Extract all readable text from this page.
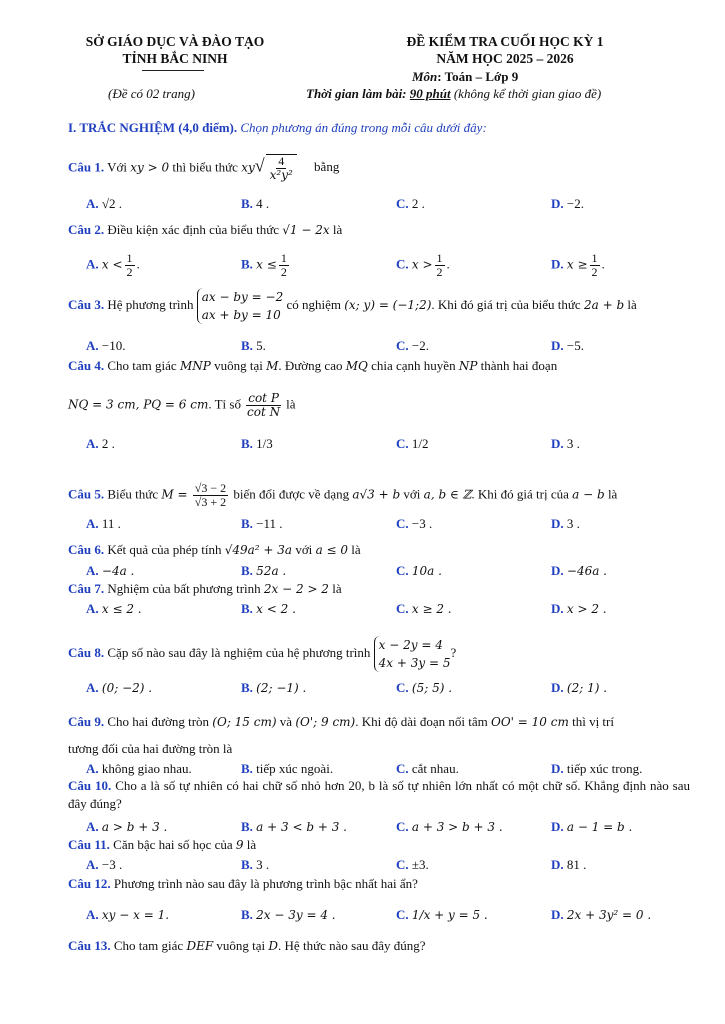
SỞ GIÁO DỤC VÀ ĐÀO TẠO
TỈNH BẮC NINH
(Đề có 02 trang)
ĐỀ KIỂM TRA CUỐI HỌC KỲ 1
NĂM HỌC 2025 – 2026
Môn: Toán – Lớp 9
Thời gian làm bài: 90 phút (không kể thời gian giao đề)
I. TRẮC NGHIỆM (4,0 điểm). Chọn phương án đúng trong mỗi câu dưới đây:
Câu 1. Với xy > 0 thì biểu thức $xy√ \frac{4}{\text{x²y²}}$ bằng
A. √2 .	B. 4 .	C. 2 .	D. −2.
Câu 2. Điều kiện xác định của biểu thức √1 − 2x là
A. $x < \frac{1}{2}$ .	B. $x \le \frac{1}{2}$	C. $x > \frac{1}{2}$ .	D. $x \ge \frac{1}{2}$ .
Câu 3. Hệ phương trình ax − by = −2
ax + by = 10
có nghiệm (x; y) = (−1;2). Khi đó giá trị của biểu thức 2a + b là
A. −10.	B. 5.	C. −2.	D. −5.
Câu 4. Cho tam giác MNP vuông tại M. Đường cao MQ chia cạnh huyền NP thành hai đoạn
NQ = 3 cm, PQ = 6 cm. Tỉ số $\frac{\text{cot P}}{\text{cot N}}$ là
A. 2 .	B. 1/3	C. 1/2	D. 3 .
Câu 5. Biểu thức $M = \frac{√3 - 2}{√3 + 2}$ biến đổi được về dạng a√3 + b với a, b ∈ ℤ. Khi đó giá trị của a − b là
A. 11 .	B. −11 .	C. −3 .	D. 3 .
Câu 6. Kết quả của phép tính √49a² + 3a với a ≤ 0 là
A. −4a .	B. 52a .	C. 10a .	D. −46a .
Câu 7. Nghiệm của bất phương trình 2x − 2 > 2 là
A. x ≤ 2 .	B. x < 2 .	C. x ≥ 2 .	D. x > 2 .
Câu 8. Cặp số nào sau đây là nghiệm của hệ phương trình x − 2y = 4
4x + 3y = 5
?
A. (0; −2) .	B. (2; −1) .	C. (5; 5) .	D. (2; 1) .
Câu 9. Cho hai đường tròn (O; 15 cm) và (O'; 9 cm). Khi độ dài đoạn nối tâm OO' = 10 cm thì vị trí
tương đối của hai đường tròn là
A. không giao nhau.	B. tiếp xúc ngoài.	C. cắt nhau.	D. tiếp xúc trong.
Câu 10. Cho a là số tự nhiên có hai chữ số nhỏ hơn 20, b là số tự nhiên lớn nhất có một chữ số. Khẳng định nào sau đây đúng?
A. a > b + 3 .	B. a + 3 < b + 3 .	C. a + 3 > b + 3 .	D. a − 1 = b .
Câu 11. Căn bậc hai số học của 9 là
A. −3 .	B. 3 .	C. ±3.	D. 81 .
Câu 12. Phương trình nào sau đây là phương trình bậc nhất hai ẩn?
A. xy − x = 1.	B. 2x − 3y = 4 .	C. 1/x + y = 5 .	D. 2x + 3y² = 0 .
Câu 13. Cho tam giác DEF vuông tại D. Hệ thức nào sau đây đúng?
